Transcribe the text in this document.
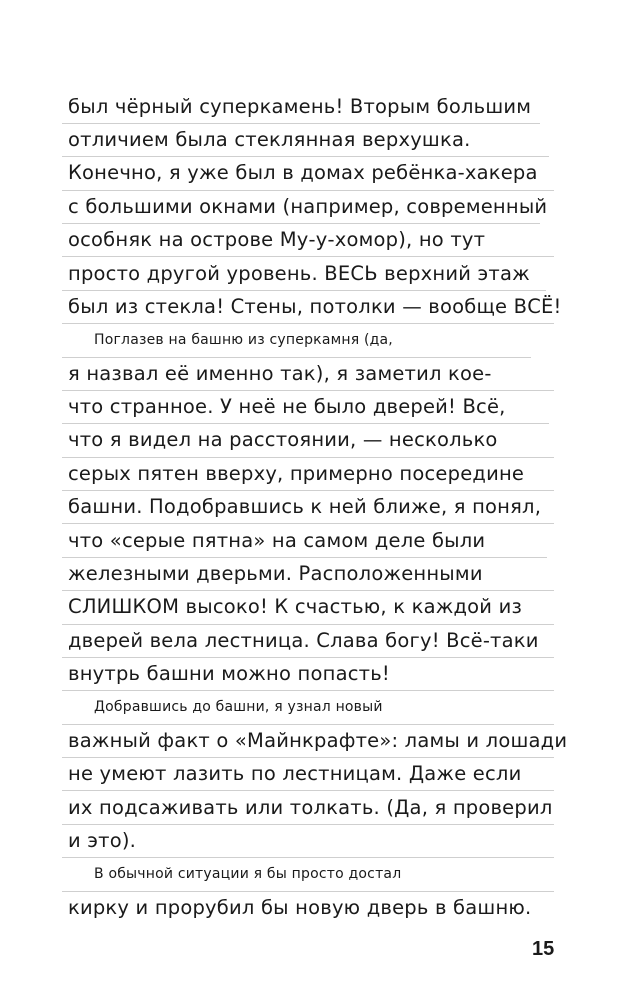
был чёрный суперкамень! Вторым большим
отличием была стеклянная верхушка.
Конечно, я уже был в домах ребёнка-хакера
с большими окнами (например, современный
особняк на острове Му-у-хомор), но тут
просто другой уровень. ВЕСЬ верхний этаж
был из стекла! Стены, потолки — вообще ВСЁ!
Поглазев на башню из суперкамня (да,
я назвал её именно так), я заметил кое-
что странное. У неё не было дверей! Всё,
что я видел на расстоянии, — несколько
серых пятен вверху, примерно посередине
башни. Подобравшись к ней ближе, я понял,
что «серые пятна» на самом деле были
железными дверьми. Расположенными
СЛИШКОМ высоко! К счастью, к каждой из
дверей вела лестница. Слава богу! Всё-таки
внутрь башни можно попасть!
Добравшись до башни, я узнал новый
важный факт о «Майнкрафте»: ламы и лошади
не умеют лазить по лестницам. Даже если
их подсаживать или толкать. (Да, я проверил
и это).
В обычной ситуации я бы просто достал
кирку и прорубил бы новую дверь в башню.
15
